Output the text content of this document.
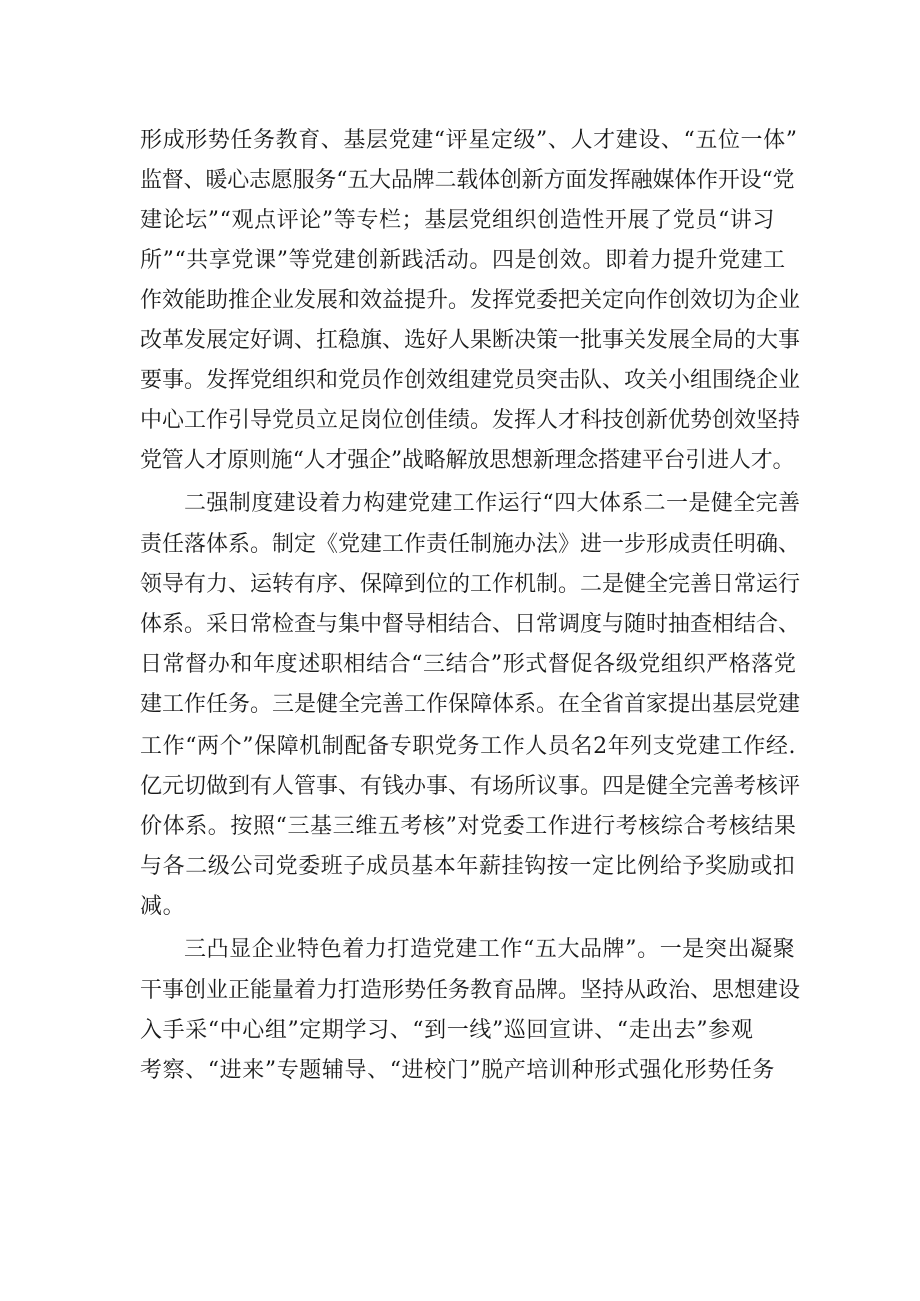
形成形势任务教育、基层党建“评星定级”、人才建设、“五位一体”
监督、暖心志愿服务“五大品牌二载体创新方面发挥融媒体作开设“党
建论坛”“观点评论”等专栏；基层党组织创造性开展了党员“讲习
所”“共享党课”等党建创新践活动。四是创效。即着力提升党建工
作效能助推企业发展和效益提升。发挥党委把关定向作创效切为企业
改革发展定好调、扛稳旗、选好人果断决策一批事关发展全局的大事
要事。发挥党组织和党员作创效组建党员突击队、攻关小组围绕企业
中心工作引导党员立足岗位创佳绩。发挥人才科技创新优势创效坚持
党管人才原则施“人才强企”战略解放思想新理念搭建平台引进人才。
二强制度建设着力构建党建工作运行“四大体系二一是健全完善
责任落体系。制定《党建工作责任制施办法》进一步形成责任明确、
领导有力、运转有序、保障到位的工作机制。二是健全完善日常运行
体系。采日常检查与集中督导相结合、日常调度与随时抽查相结合、
日常督办和年度述职相结合“三结合”形式督促各级党组织严格落党
建工作任务。三是健全完善工作保障体系。在全省首家提出基层党建
工作“两个”保障机制配备专职党务工作人员名2年列支党建工作经.
亿元切做到有人管事、有钱办事、有场所议事。四是健全完善考核评
价体系。按照“三基三维五考核”对党委工作进行考核综合考核结果
与各二级公司党委班子成员基本年薪挂钩按一定比例给予奖励或扣
减。
三凸显企业特色着力打造党建工作“五大品牌”。一是突出凝聚
干事创业正能量着力打造形势任务教育品牌。坚持从政治、思想建设
入手采“中心组”定期学习、“到一线”巡回宣讲、“走出去”参观
考察、“进来”专题辅导、“进校门”脱产培训种形式强化形势任务
